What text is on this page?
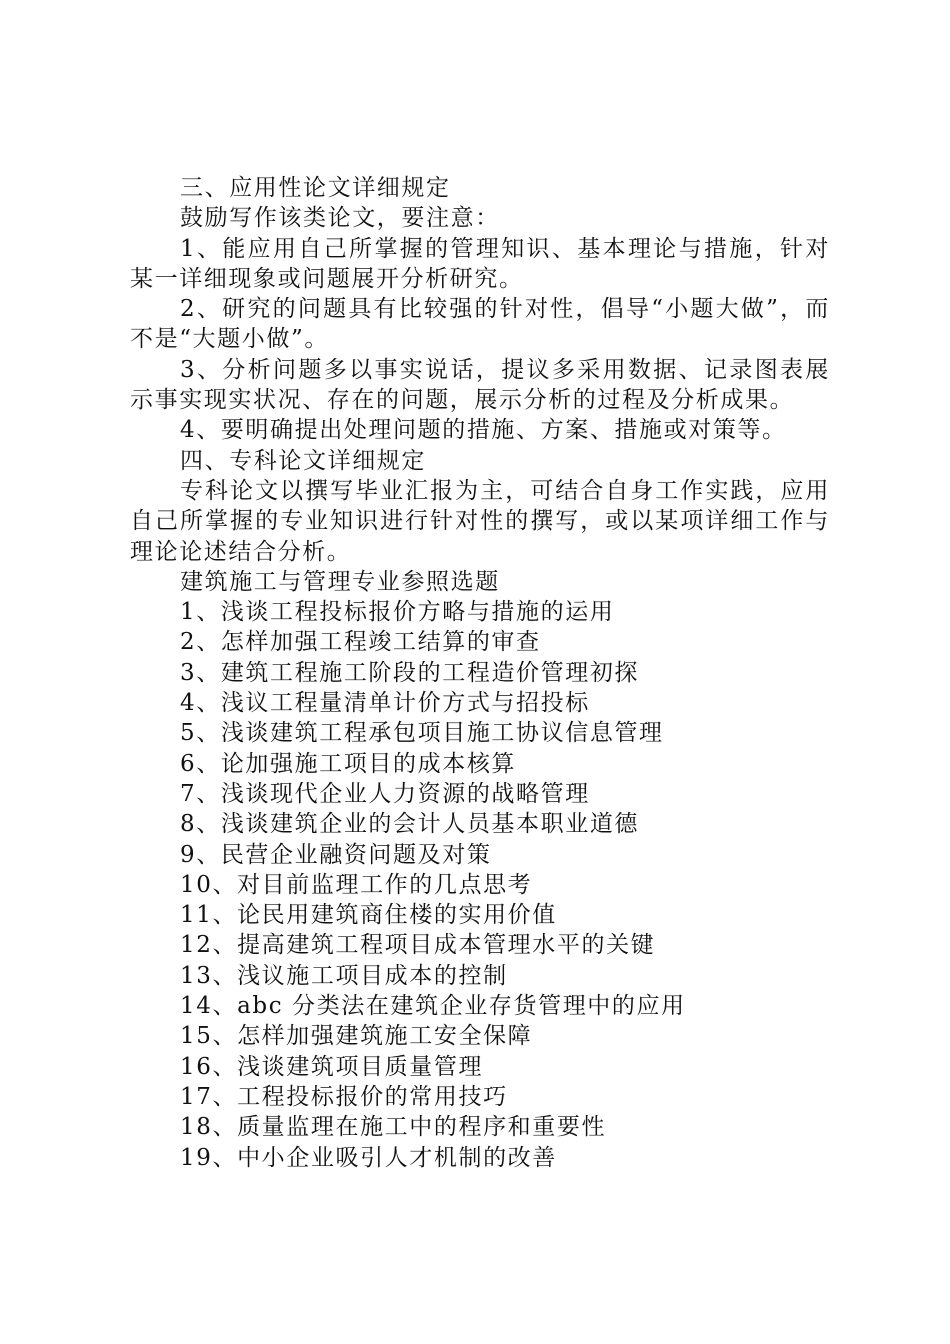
三、应用性论文详细规定

鼓励写作该类论文，要注意：

1、能应用自己所掌握的管理知识、基本理论与措施，针对某一详细现象或问题展开分析研究。

2、研究的问题具有比较强的针对性，倡导“小题大做”，而不是“大题小做”。

3、分析问题多以事实说话，提议多采用数据、记录图表展示事实现实状况、存在的问题，展示分析的过程及分析成果。

4、要明确提出处理问题的措施、方案、措施或对策等。

四、专科论文详细规定

专科论文以撰写毕业汇报为主，可结合自身工作实践，应用自己所掌握的专业知识进行针对性的撰写，或以某项详细工作与理论论述结合分析。

建筑施工与管理专业参照选题

1、浅谈工程投标报价方略与措施的运用

2、怎样加强工程竣工结算的审查

3、建筑工程施工阶段的工程造价管理初探

4、浅议工程量清单计价方式与招投标

5、浅谈建筑工程承包项目施工协议信息管理

6、论加强施工项目的成本核算

7、浅谈现代企业人力资源的战略管理

8、浅谈建筑企业的会计人员基本职业道德

9、民营企业融资问题及对策

10、对目前监理工作的几点思考

11、论民用建筑商住楼的实用价值

12、提高建筑工程项目成本管理水平的关键

13、浅议施工项目成本的控制

14、abc 分类法在建筑企业存货管理中的应用

15、怎样加强建筑施工安全保障

16、浅谈建筑项目质量管理

17、工程投标报价的常用技巧

18、质量监理在施工中的程序和重要性

19、中小企业吸引人才机制的改善
